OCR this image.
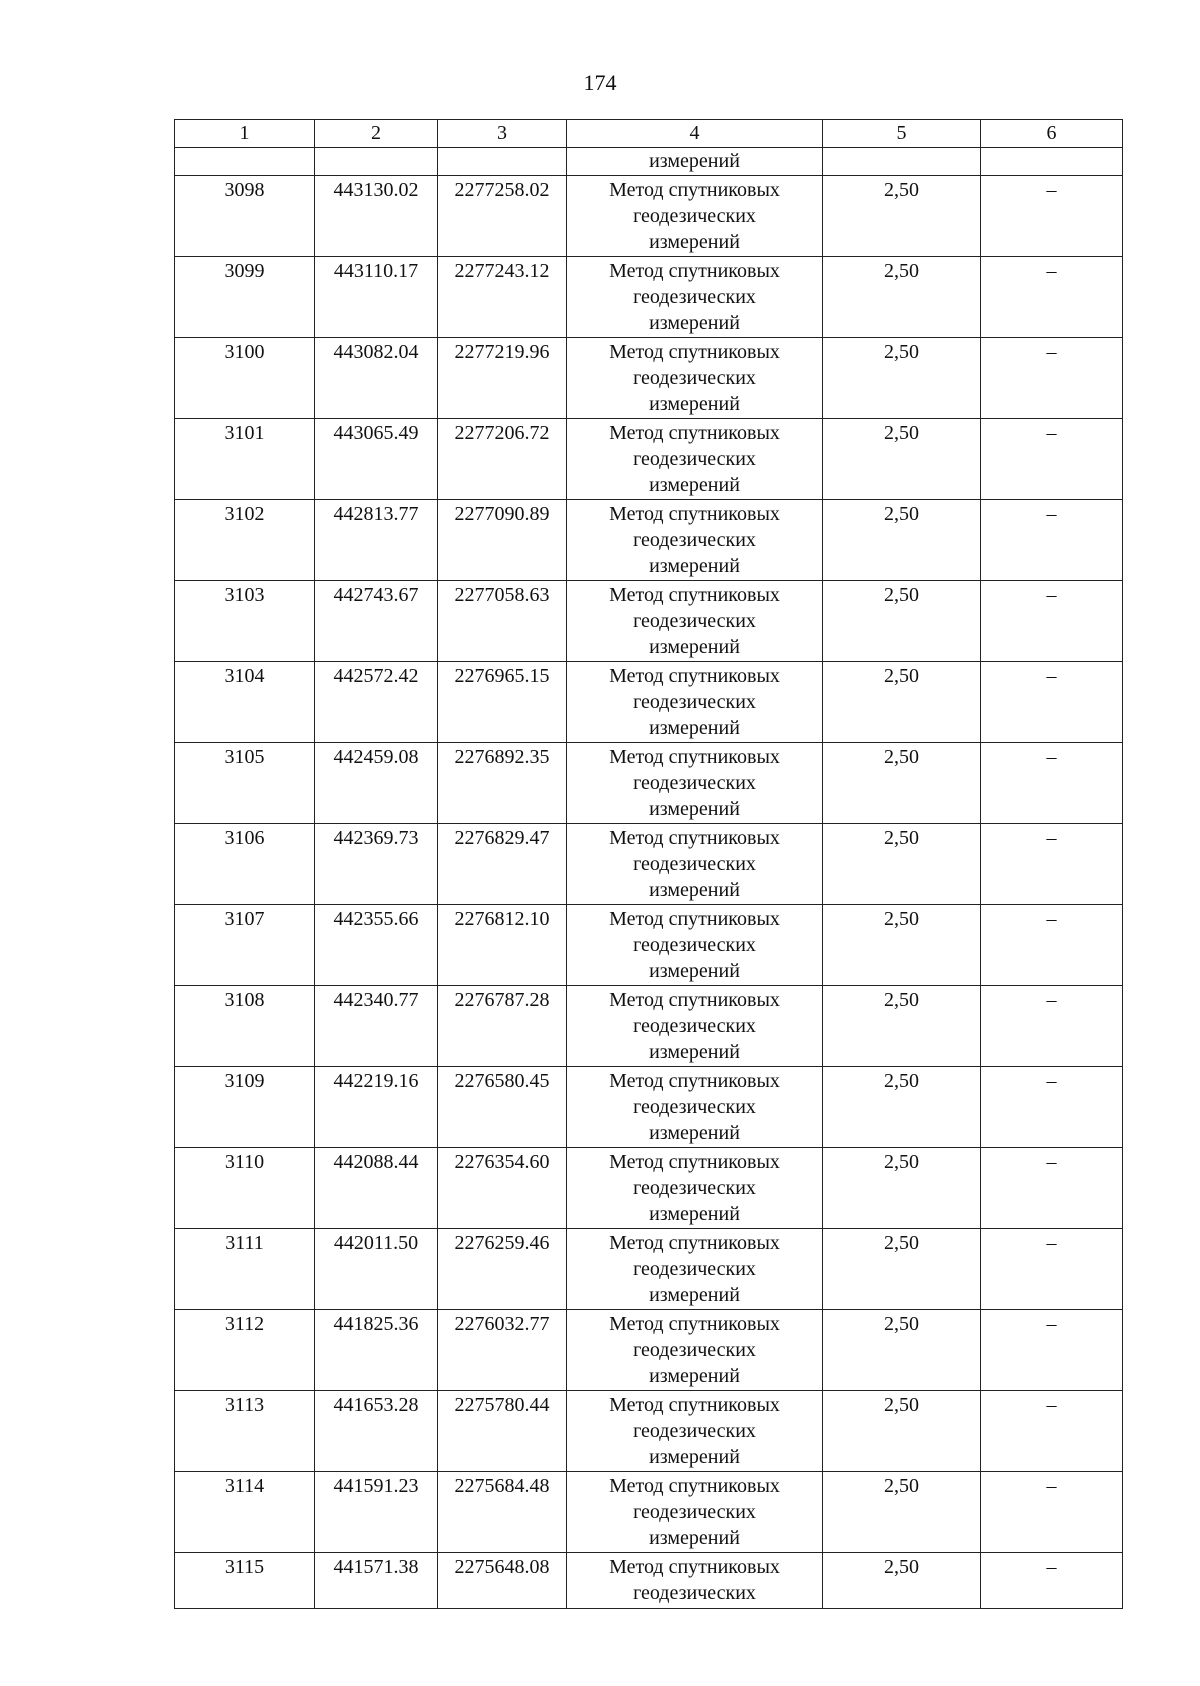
174
1	2	3	4	5	6
			измерений		
3098	443130.02	2277258.02	Метод спутниковых
геодезических
измерений	2,50	–
3099	443110.17	2277243.12	Метод спутниковых
геодезических
измерений	2,50	–
3100	443082.04	2277219.96	Метод спутниковых
геодезических
измерений	2,50	–
3101	443065.49	2277206.72	Метод спутниковых
геодезических
измерений	2,50	–
3102	442813.77	2277090.89	Метод спутниковых
геодезических
измерений	2,50	–
3103	442743.67	2277058.63	Метод спутниковых
геодезических
измерений	2,50	–
3104	442572.42	2276965.15	Метод спутниковых
геодезических
измерений	2,50	–
3105	442459.08	2276892.35	Метод спутниковых
геодезических
измерений	2,50	–
3106	442369.73	2276829.47	Метод спутниковых
геодезических
измерений	2,50	–
3107	442355.66	2276812.10	Метод спутниковых
геодезических
измерений	2,50	–
3108	442340.77	2276787.28	Метод спутниковых
геодезических
измерений	2,50	–
3109	442219.16	2276580.45	Метод спутниковых
геодезических
измерений	2,50	–
3110	442088.44	2276354.60	Метод спутниковых
геодезических
измерений	2,50	–
3111	442011.50	2276259.46	Метод спутниковых
геодезических
измерений	2,50	–
3112	441825.36	2276032.77	Метод спутниковых
геодезических
измерений	2,50	–
3113	441653.28	2275780.44	Метод спутниковых
геодезических
измерений	2,50	–
3114	441591.23	2275684.48	Метод спутниковых
геодезических
измерений	2,50	–
3115	441571.38	2275648.08	Метод спутниковых
геодезических	2,50	–
